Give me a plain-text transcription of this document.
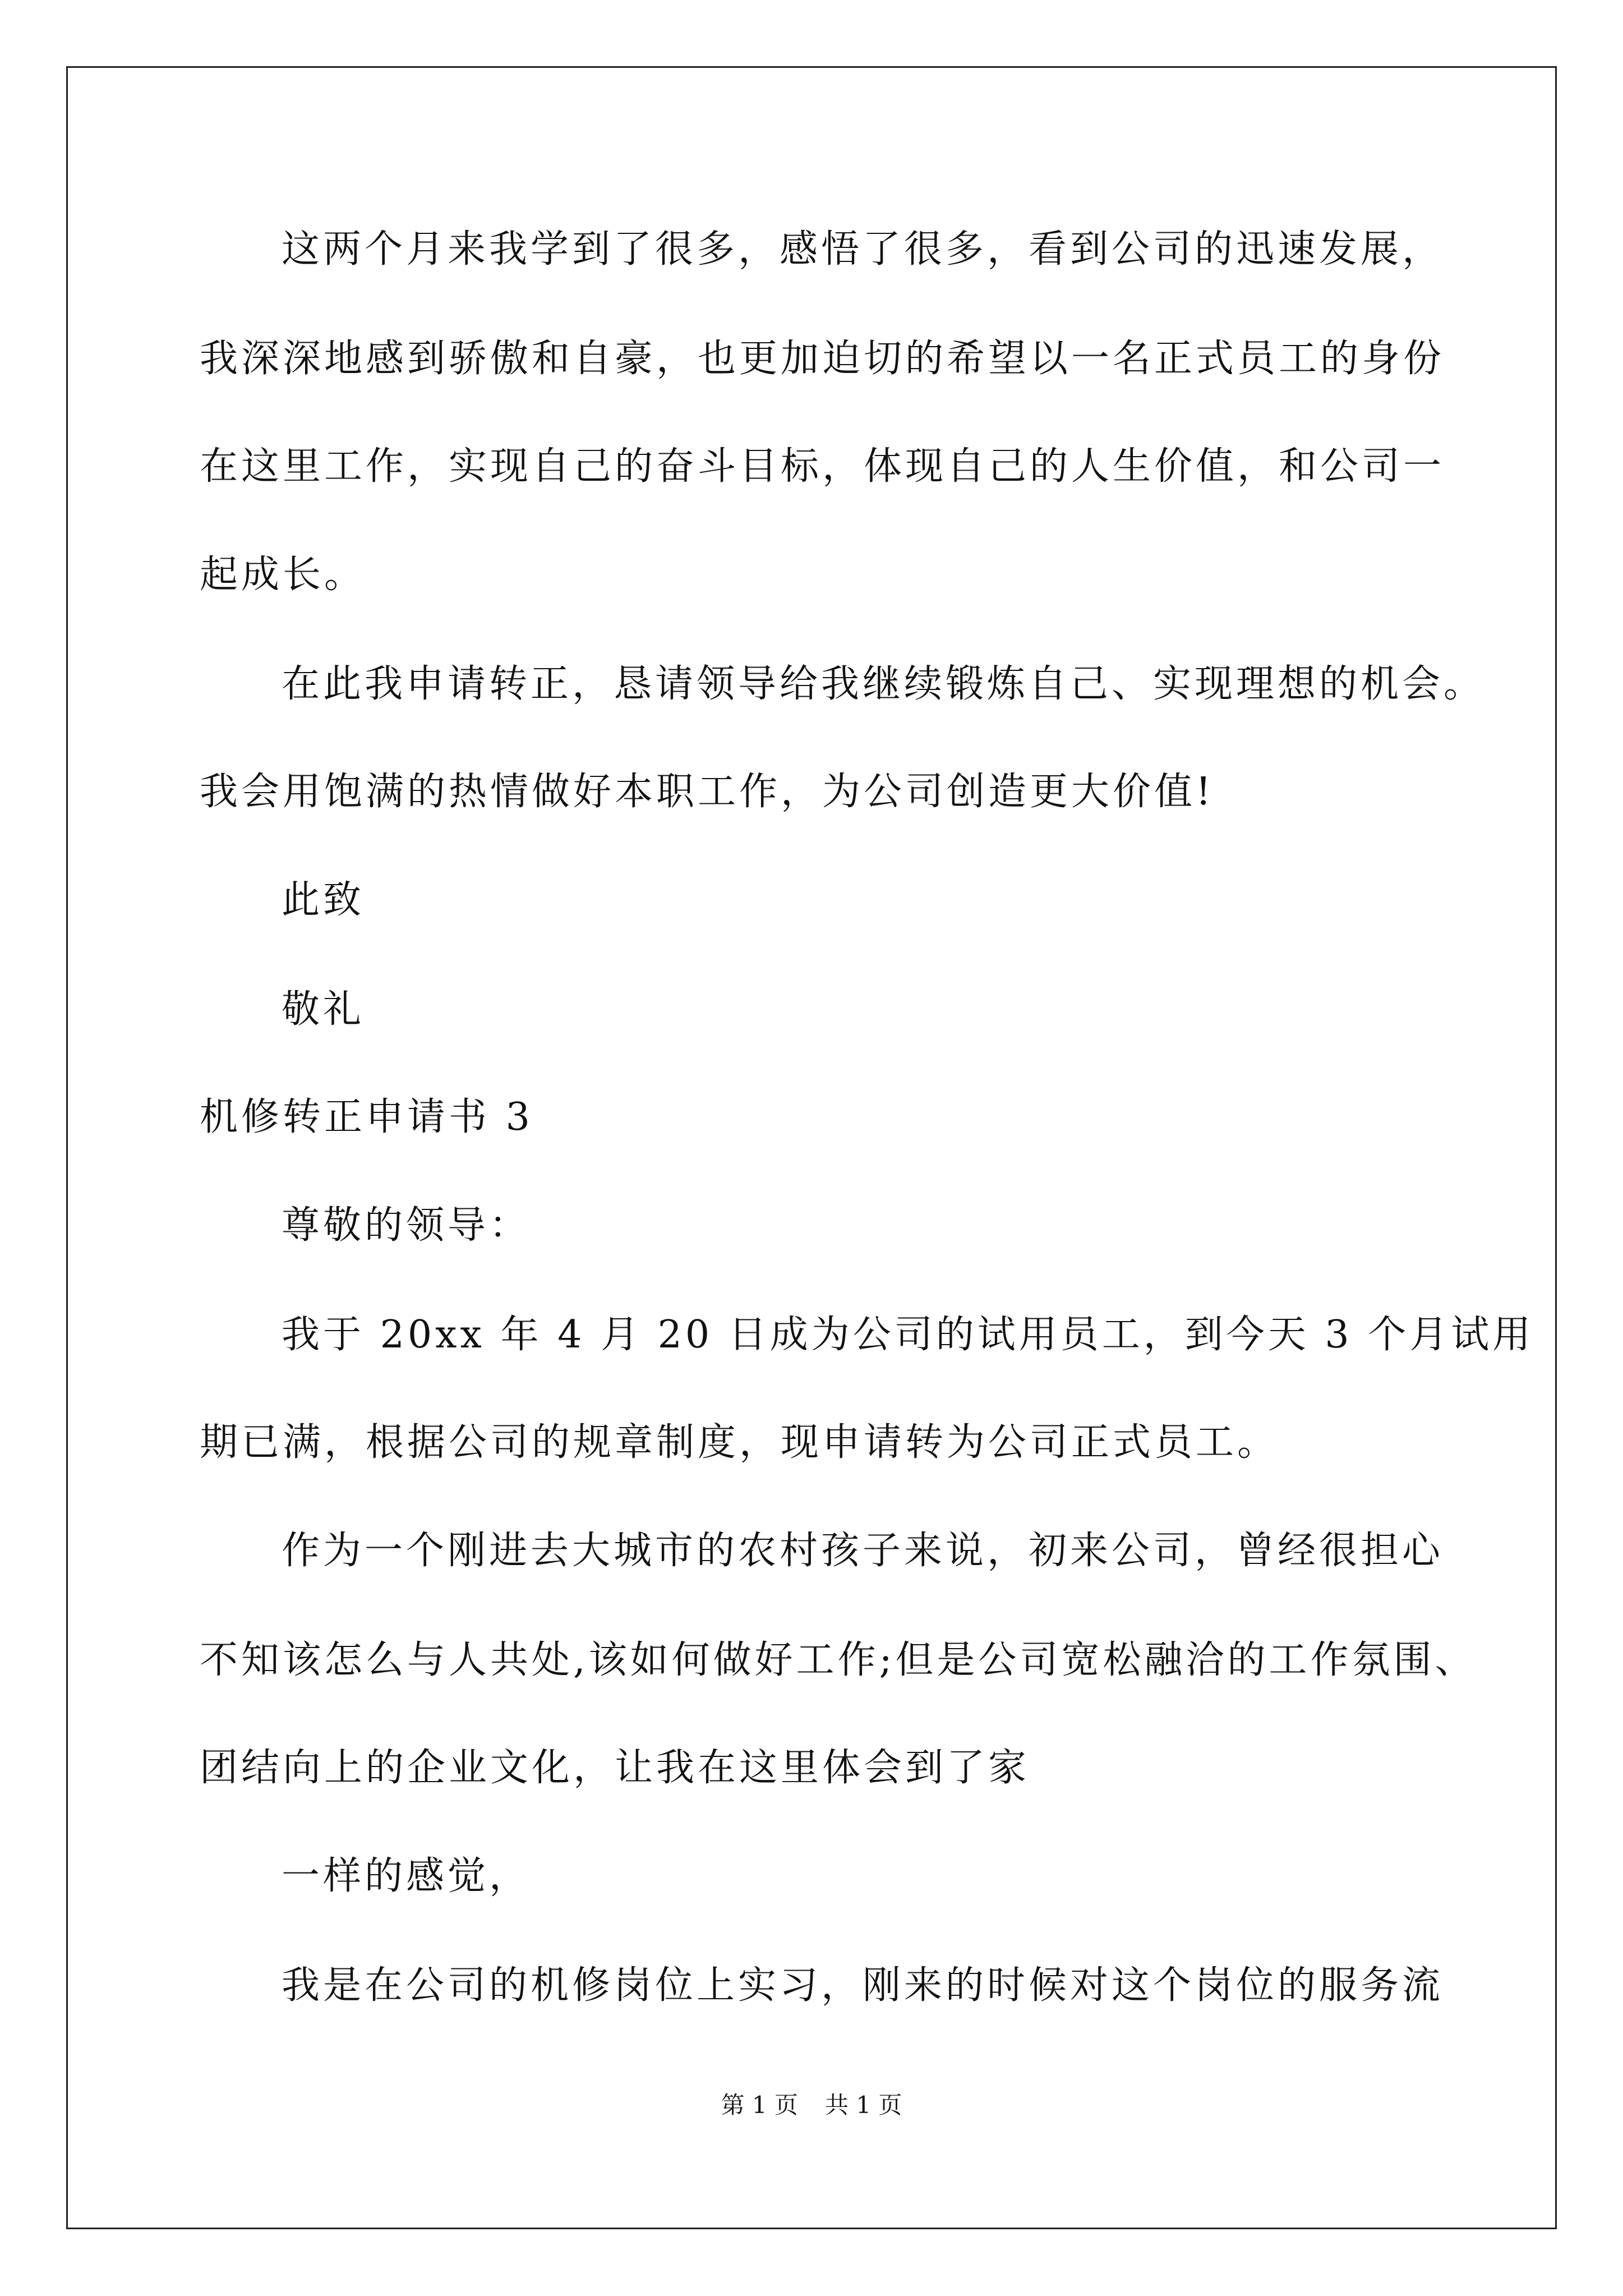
这两个月来我学到了很多，感悟了很多，看到公司的迅速发展，
我深深地感到骄傲和自豪，也更加迫切的希望以一名正式员工的身份
在这里工作，实现自己的奋斗目标，体现自己的人生价值，和公司一
起成长。
在此我申请转正，恳请领导给我继续锻炼自己、实现理想的机会。
我会用饱满的热情做好本职工作，为公司创造更大价值!
此致
敬礼
机修转正申请书 3
尊敬的领导：
我于 20xx 年 4 月 20 日成为公司的试用员工，到今天 3 个月试用
期已满，根据公司的规章制度，现申请转为公司正式员工。
作为一个刚进去大城市的农村孩子来说，初来公司，曾经很担心
不知该怎么与人共处,该如何做好工作;但是公司宽松融洽的工作氛围、
团结向上的企业文化，让我在这里体会到了家
一样的感觉，
我是在公司的机修岗位上实习，刚来的时候对这个岗位的服务流
第 1 页 共 1 页
